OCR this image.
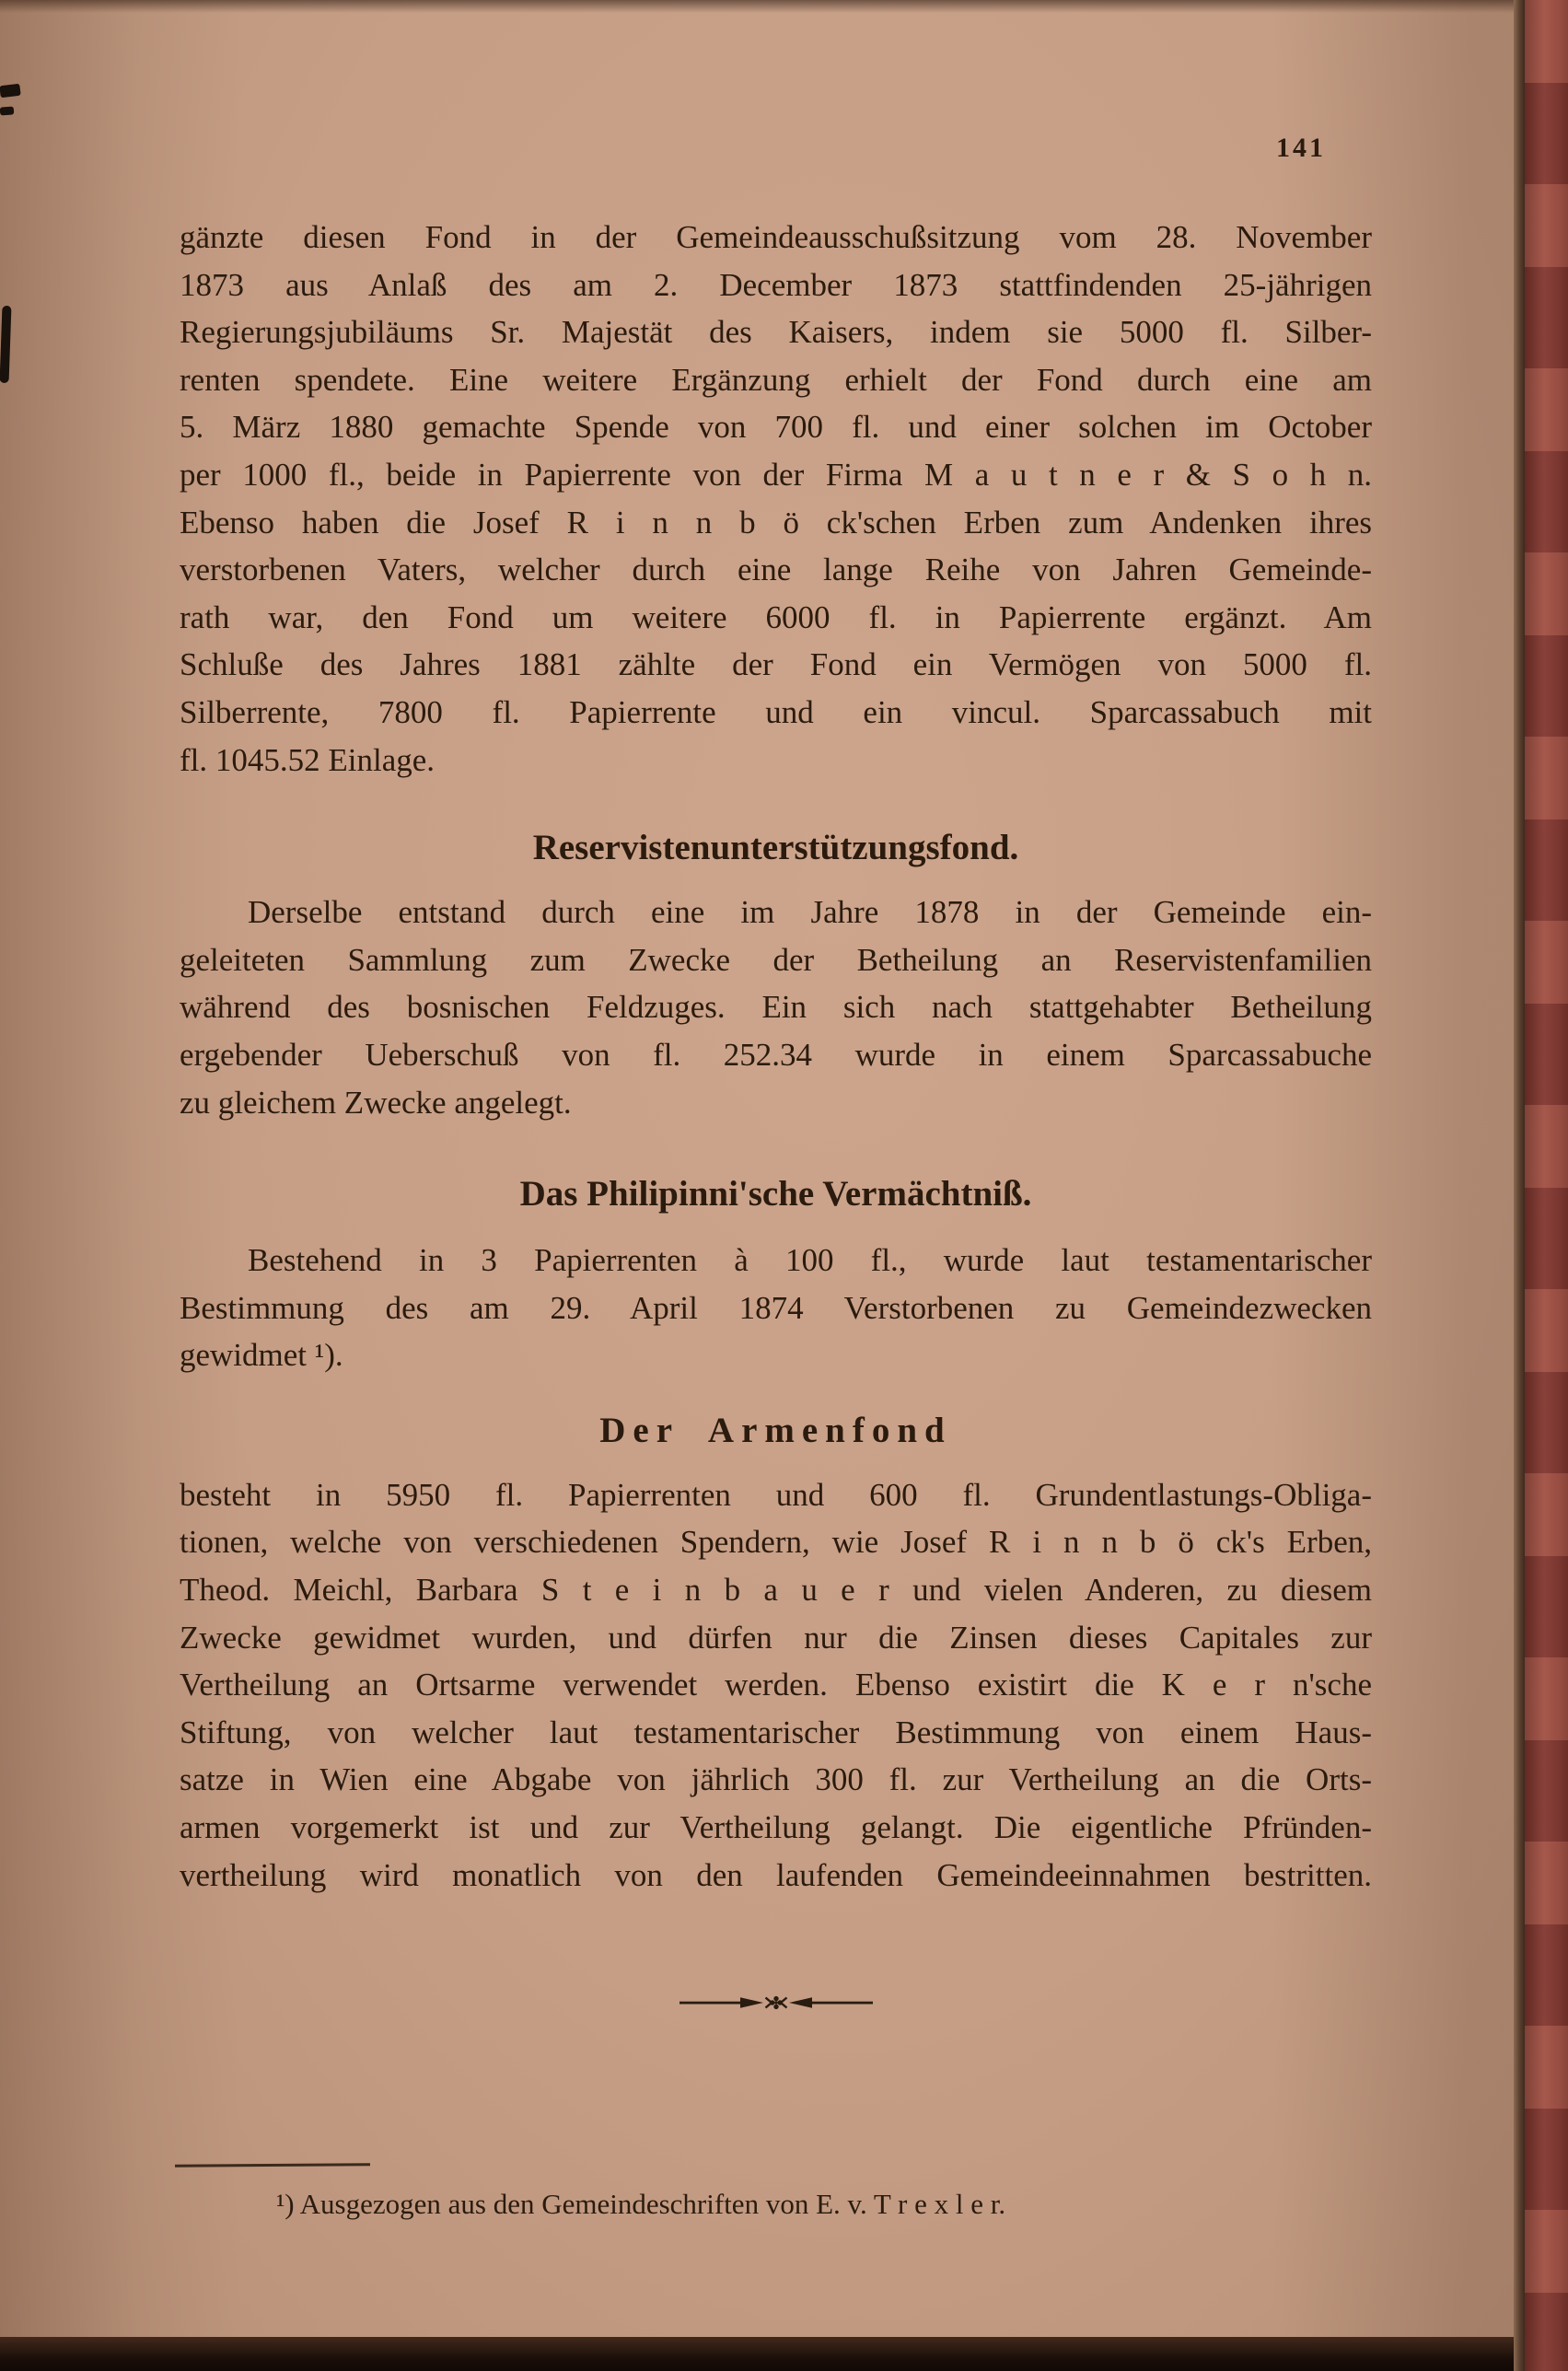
141
gänzte diesen Fond in der Gemeindeausschußsitzung vom 28. November
1873 aus Anlaß des am 2. December 1873 stattfindenden 25-jährigen
Regierungsjubiläums Sr. Majestät des Kaisers, indem sie 5000 fl. Silber-
renten spendete. Eine weitere Ergänzung erhielt der Fond durch eine am
5. März 1880 gemachte Spende von 700 fl. und einer solchen im October
per 1000 fl., beide in Papierrente von der Firma M a u t n e r & S o h n.
Ebenso haben die Josef R i n n b ö ck'schen Erben zum Andenken ihres
verstorbenen Vaters, welcher durch eine lange Reihe von Jahren Gemeinde-
rath war, den Fond um weitere 6000 fl. in Papierrente ergänzt. Am
Schluße des Jahres 1881 zählte der Fond ein Vermögen von 5000 fl.
Silberrente, 7800 fl. Papierrente und ein vincul. Sparcassabuch mit
fl. 1045.52 Einlage.
Reservistenunterstützungsfond.
Derselbe entstand durch eine im Jahre 1878 in der Gemeinde ein-
geleiteten Sammlung zum Zwecke der Betheilung an Reservistenfamilien
während des bosnischen Feldzuges. Ein sich nach stattgehabter Betheilung
ergebender Ueberschuß von fl. 252.34 wurde in einem Sparcassabuche
zu gleichem Zwecke angelegt.
Das Philipinni'sche Vermächtniß.
Bestehend in 3 Papierrenten à 100 fl., wurde laut testamentarischer
Bestimmung des am 29. April 1874 Verstorbenen zu Gemeindezwecken
gewidmet ¹).
Der Armenfond
besteht in 5950 fl. Papierrenten und 600 fl. Grundentlastungs-Obliga-
tionen, welche von verschiedenen Spendern, wie Josef R i n n b ö ck's Erben,
Theod. Meichl, Barbara S t e i n b a u e r und vielen Anderen, zu diesem
Zwecke gewidmet wurden, und dürfen nur die Zinsen dieses Capitales zur
Vertheilung an Ortsarme verwendet werden. Ebenso existirt die K e r n'sche
Stiftung, von welcher laut testamentarischer Bestimmung von einem Haus-
satze in Wien eine Abgabe von jährlich 300 fl. zur Vertheilung an die Orts-
armen vorgemerkt ist und zur Vertheilung gelangt. Die eigentliche Pfründen-
vertheilung wird monatlich von den laufenden Gemeindeeinnahmen bestritten.
¹) Ausgezogen aus den Gemeindeschriften von E. v. T r e x l e r.
